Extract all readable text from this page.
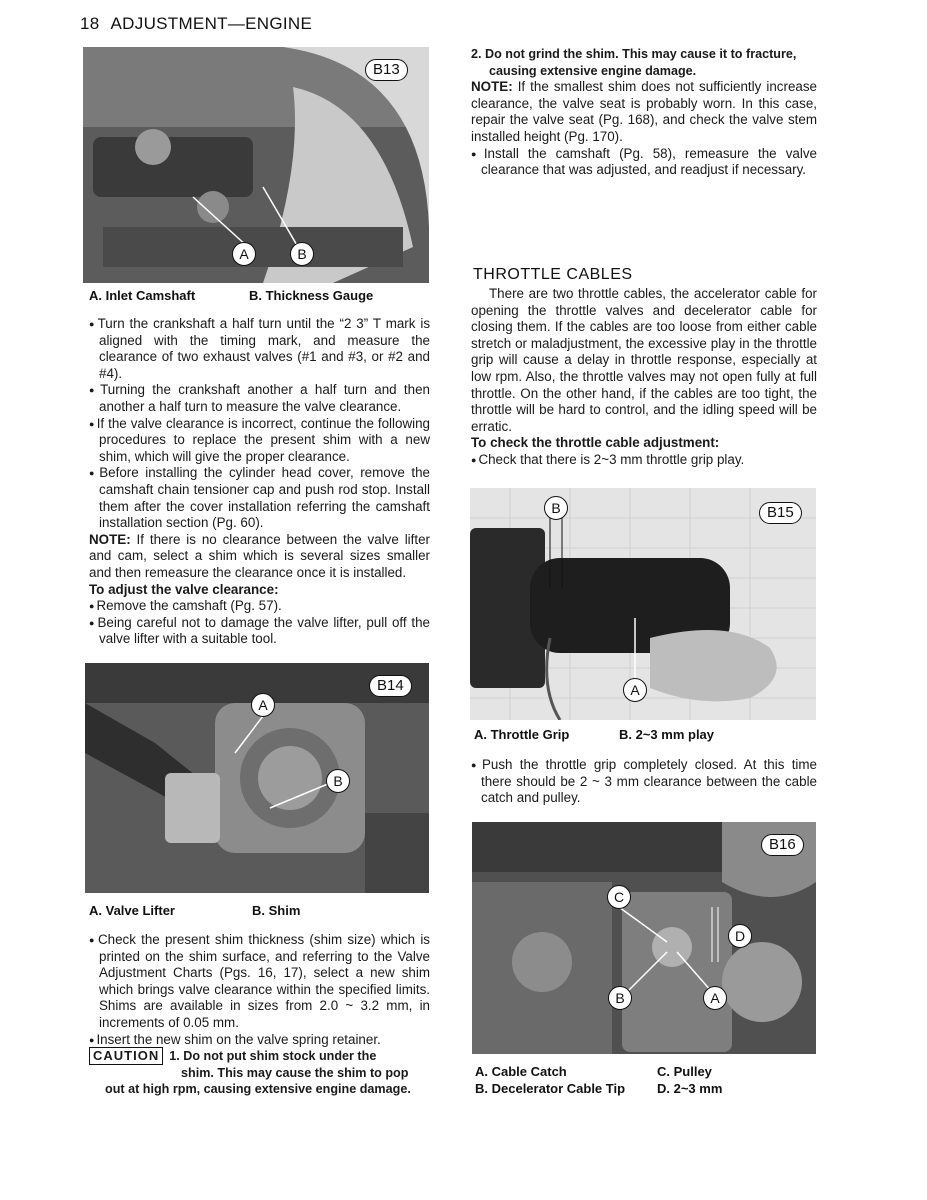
18 ADJUSTMENT—ENGINE
B13
A	B
A. Inlet Camshaft	B. Thickness Gauge

● Turn the crankshaft a half turn until the “2 3” T mark is aligned with the timing mark, and measure the clearance of two exhaust valves (#1 and #3, or #2 and #4).

● Turning the crankshaft another a half turn and then another a half turn to measure the valve clearance.

● If the valve clearance is incorrect, continue the following procedures to replace the present shim with a new shim, which will give the proper clearance.

● Before installing the cylinder head cover, remove the camshaft chain tensioner cap and push rod stop. Install them after the cover installation referring the camshaft installation section (Pg. 60).

NOTE: If there is no clearance between the valve lifter and cam, select a shim which is several sizes smaller and then remeasure the clearance once it is installed.

To adjust the valve clearance:

● Remove the camshaft (Pg. 57).

● Being careful not to damage the valve lifter, pull off the valve lifter with a suitable tool.

B14
A
B
A. Valve Lifter	B. Shim

● Check the present shim thickness (shim size) which is printed on the shim surface, and referring to the Valve Adjustment Charts (Pgs. 16, 17), select a new shim which brings valve clearance within the specified limits. Shims are available in sizes from 2.0 ~ 3.2 mm, in increments of 0.05 mm.

● Insert the new shim on the valve spring retainer.

CAUTION 1. Do not put shim stock under the
shim. This may cause the shim to pop
out at high rpm, causing extensive engine damage.

2. Do not grind the shim. This may cause it to fracture,

causing extensive engine damage.

NOTE: If the smallest shim does not sufficiently increase clearance, the valve seat is probably worn. In this case, repair the valve seat (Pg. 168), and check the valve stem installed height (Pg. 170).

● Install the camshaft (Pg. 58), remeasure the valve clearance that was adjusted, and readjust if necessary.

THROTTLE CABLES

There are two throttle cables, the accelerator cable for opening the throttle valves and decelerator cable for closing them. If the cables are too loose from either cable stretch or maladjustment, the excessive play in the throttle grip will cause a delay in throttle response, especially at low rpm. Also, the throttle valves may not open fully at full throttle. On the other hand, if the cables are too tight, the throttle will be hard to control, and the idling speed will be erratic.

To check the throttle cable adjustment:

● Check that there is 2~3 mm throttle grip play.

B15
B
A
A. Throttle Grip	B. 2~3 mm play

● Push the throttle grip completely closed. At this time there should be 2 ~ 3 mm clearance between the cable catch and pulley.

B16
C
D
B	A
A. Cable Catch	C. Pulley
B. Decelerator Cable Tip D. 2~3 mm
